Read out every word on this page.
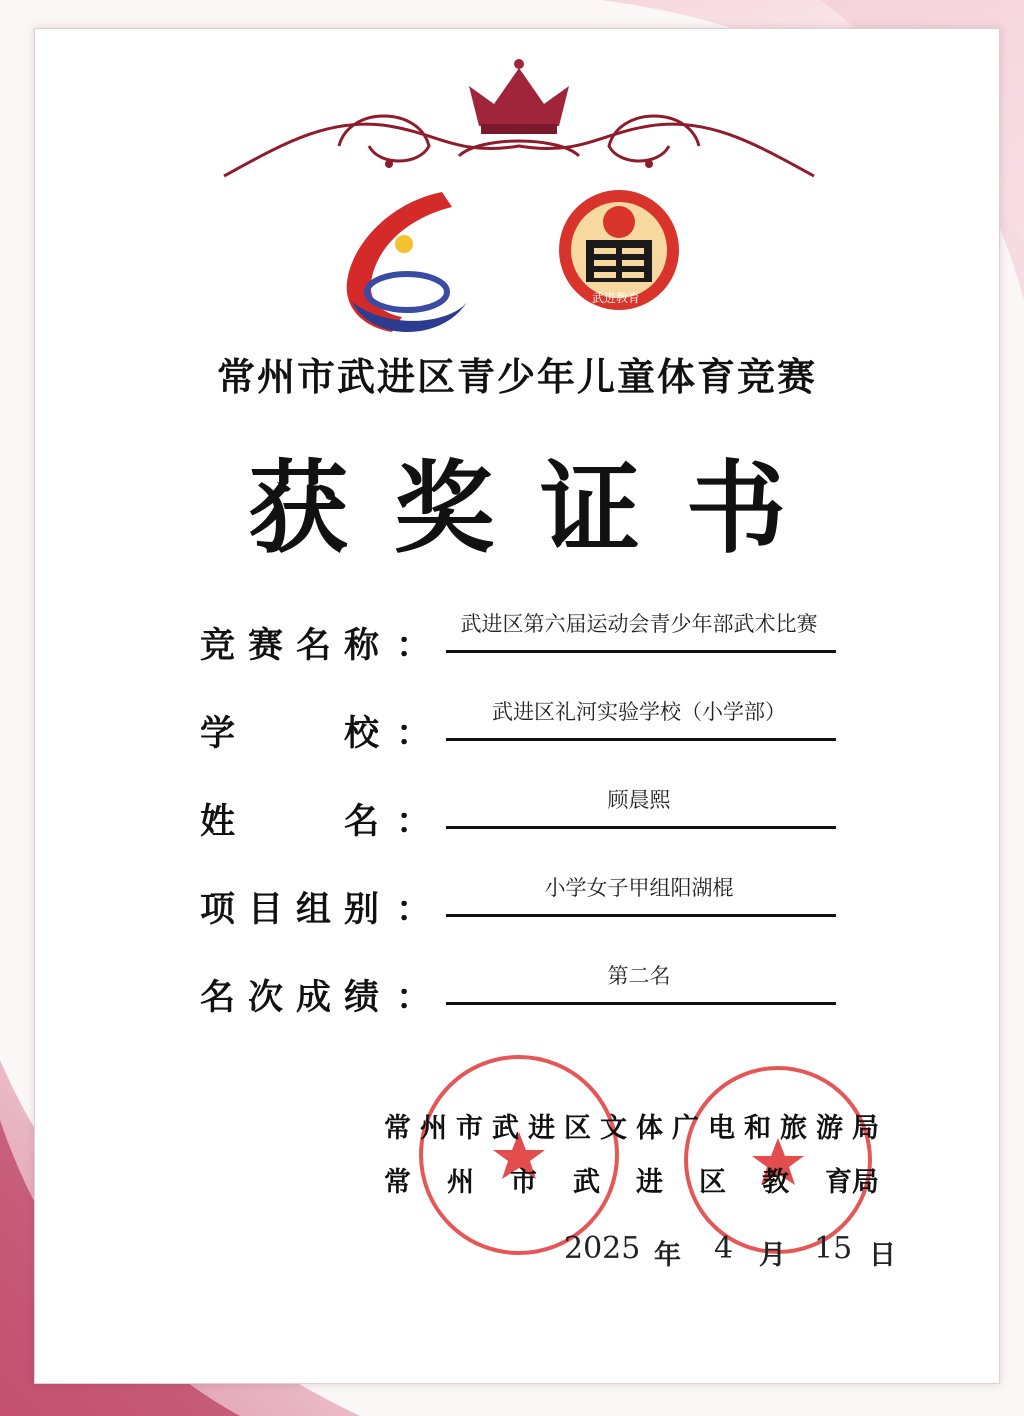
文体广旅	武进教育
常州市武进区青少年儿童体育竞赛
获奖证书
竞 赛 名 称 ：
武进区第六届运动会青少年部武术比赛
学	校 ：
武进区礼河实验学校（小学部）
姓	名 ：
顾晨熙
项 目 组 别 ：
小学女子甲组阳湖棍
名 次 成 绩 ：
第二名
常 州 市 武 进 区 文 体 广 电 和 旅 游 局
常 州 市 武 进 区 教 育 局
2025 年 4 月 15 日
